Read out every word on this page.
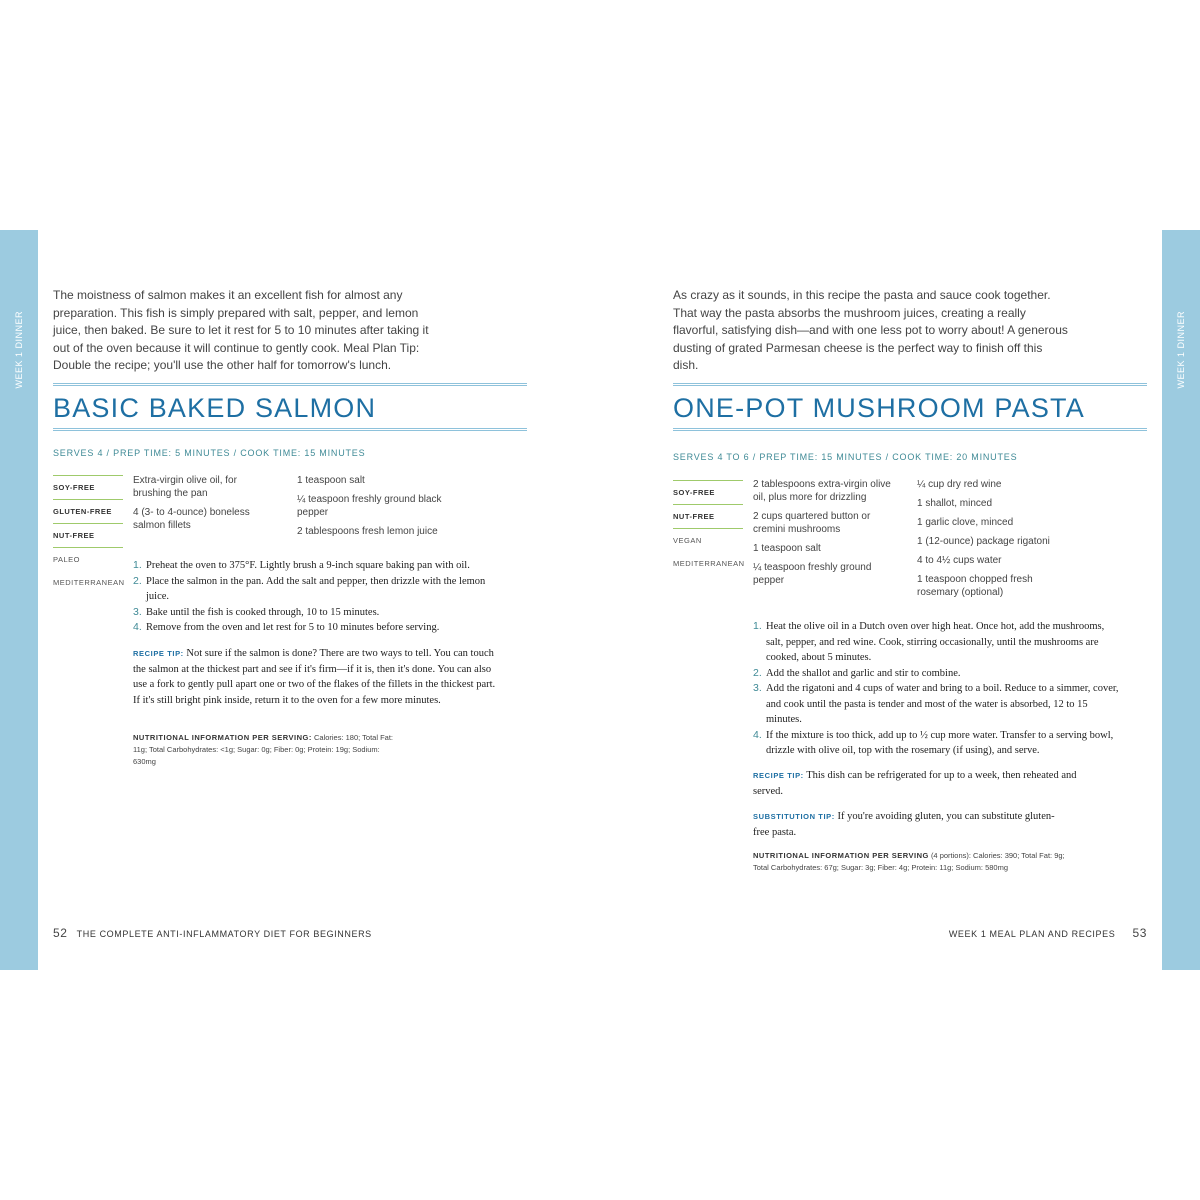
WEEK 1 DINNER	WEEK 1 DINNER
The moistness of salmon makes it an excellent fish for almost any preparation. This fish is simply prepared with salt, pepper, and lemon juice, then baked. Be sure to let it rest for 5 to 10 minutes after taking it out of the oven because it will continue to gently cook. Meal Plan Tip: Double the recipe; you'll use the other half for tomorrow's lunch.
BASIC BAKED SALMON
SERVES 4 / PREP TIME: 5 MINUTES / COOK TIME: 15 MINUTES
SOY-FREE
GLUTEN-FREE
NUT-FREE
PALEO
MEDITERRANEAN
Extra-virgin olive oil, for brushing the pan
4 (3- to 4-ounce) boneless salmon fillets
1 teaspoon salt
¼ teaspoon freshly ground black pepper
2 tablespoons fresh lemon juice
1. Preheat the oven to 375°F. Lightly brush a 9-inch square baking pan with oil.
2. Place the salmon in the pan. Add the salt and pepper, then drizzle with the lemon juice.
3. Bake until the fish is cooked through, 10 to 15 minutes.
4. Remove from the oven and let rest for 5 to 10 minutes before serving.
RECIPE TIP: Not sure if the salmon is done? There are two ways to tell. You can touch the salmon at the thickest part and see if it's firm—if it is, then it's done. You can also use a fork to gently pull apart one or two of the flakes of the fillets in the thickest part. If it's still bright pink inside, return it to the oven for a few more minutes.
NUTRITIONAL INFORMATION PER SERVING: Calories: 180; Total Fat: 11g; Total Carbohydrates: <1g; Sugar: 0g; Fiber: 0g; Protein: 19g; Sodium: 630mg
52 THE COMPLETE ANTI-INFLAMMATORY DIET FOR BEGINNERS
As crazy as it sounds, in this recipe the pasta and sauce cook together. That way the pasta absorbs the mushroom juices, creating a really flavorful, satisfying dish—and with one less pot to worry about! A generous dusting of grated Parmesan cheese is the perfect way to finish off this dish.
ONE-POT MUSHROOM PASTA
SERVES 4 TO 6 / PREP TIME: 15 MINUTES / COOK TIME: 20 MINUTES
SOY-FREE
NUT-FREE
VEGAN
MEDITERRANEAN
2 tablespoons extra-virgin olive oil, plus more for drizzling
2 cups quartered button or cremini mushrooms
1 teaspoon salt
¼ teaspoon freshly ground pepper
¼ cup dry red wine
1 shallot, minced
1 garlic clove, minced
1 (12-ounce) package rigatoni
4 to 4½ cups water
1 teaspoon chopped fresh rosemary (optional)
1. Heat the olive oil in a Dutch oven over high heat. Once hot, add the mushrooms, salt, pepper, and red wine. Cook, stirring occasionally, until the mushrooms are cooked, about 5 minutes.
2. Add the shallot and garlic and stir to combine.
3. Add the rigatoni and 4 cups of water and bring to a boil. Reduce to a simmer, cover, and cook until the pasta is tender and most of the water is absorbed, 12 to 15 minutes.
4. If the mixture is too thick, add up to ½ cup more water. Transfer to a serving bowl, drizzle with olive oil, top with the rosemary (if using), and serve.
RECIPE TIP: This dish can be refrigerated for up to a week, then reheated and served.
SUBSTITUTION TIP: If you're avoiding gluten, you can substitute gluten-free pasta.
NUTRITIONAL INFORMATION PER SERVING (4 portions): Calories: 390; Total Fat: 9g; Total Carbohydrates: 67g; Sugar: 3g; Fiber: 4g; Protein: 11g; Sodium: 580mg
WEEK 1 MEAL PLAN AND RECIPES 53
